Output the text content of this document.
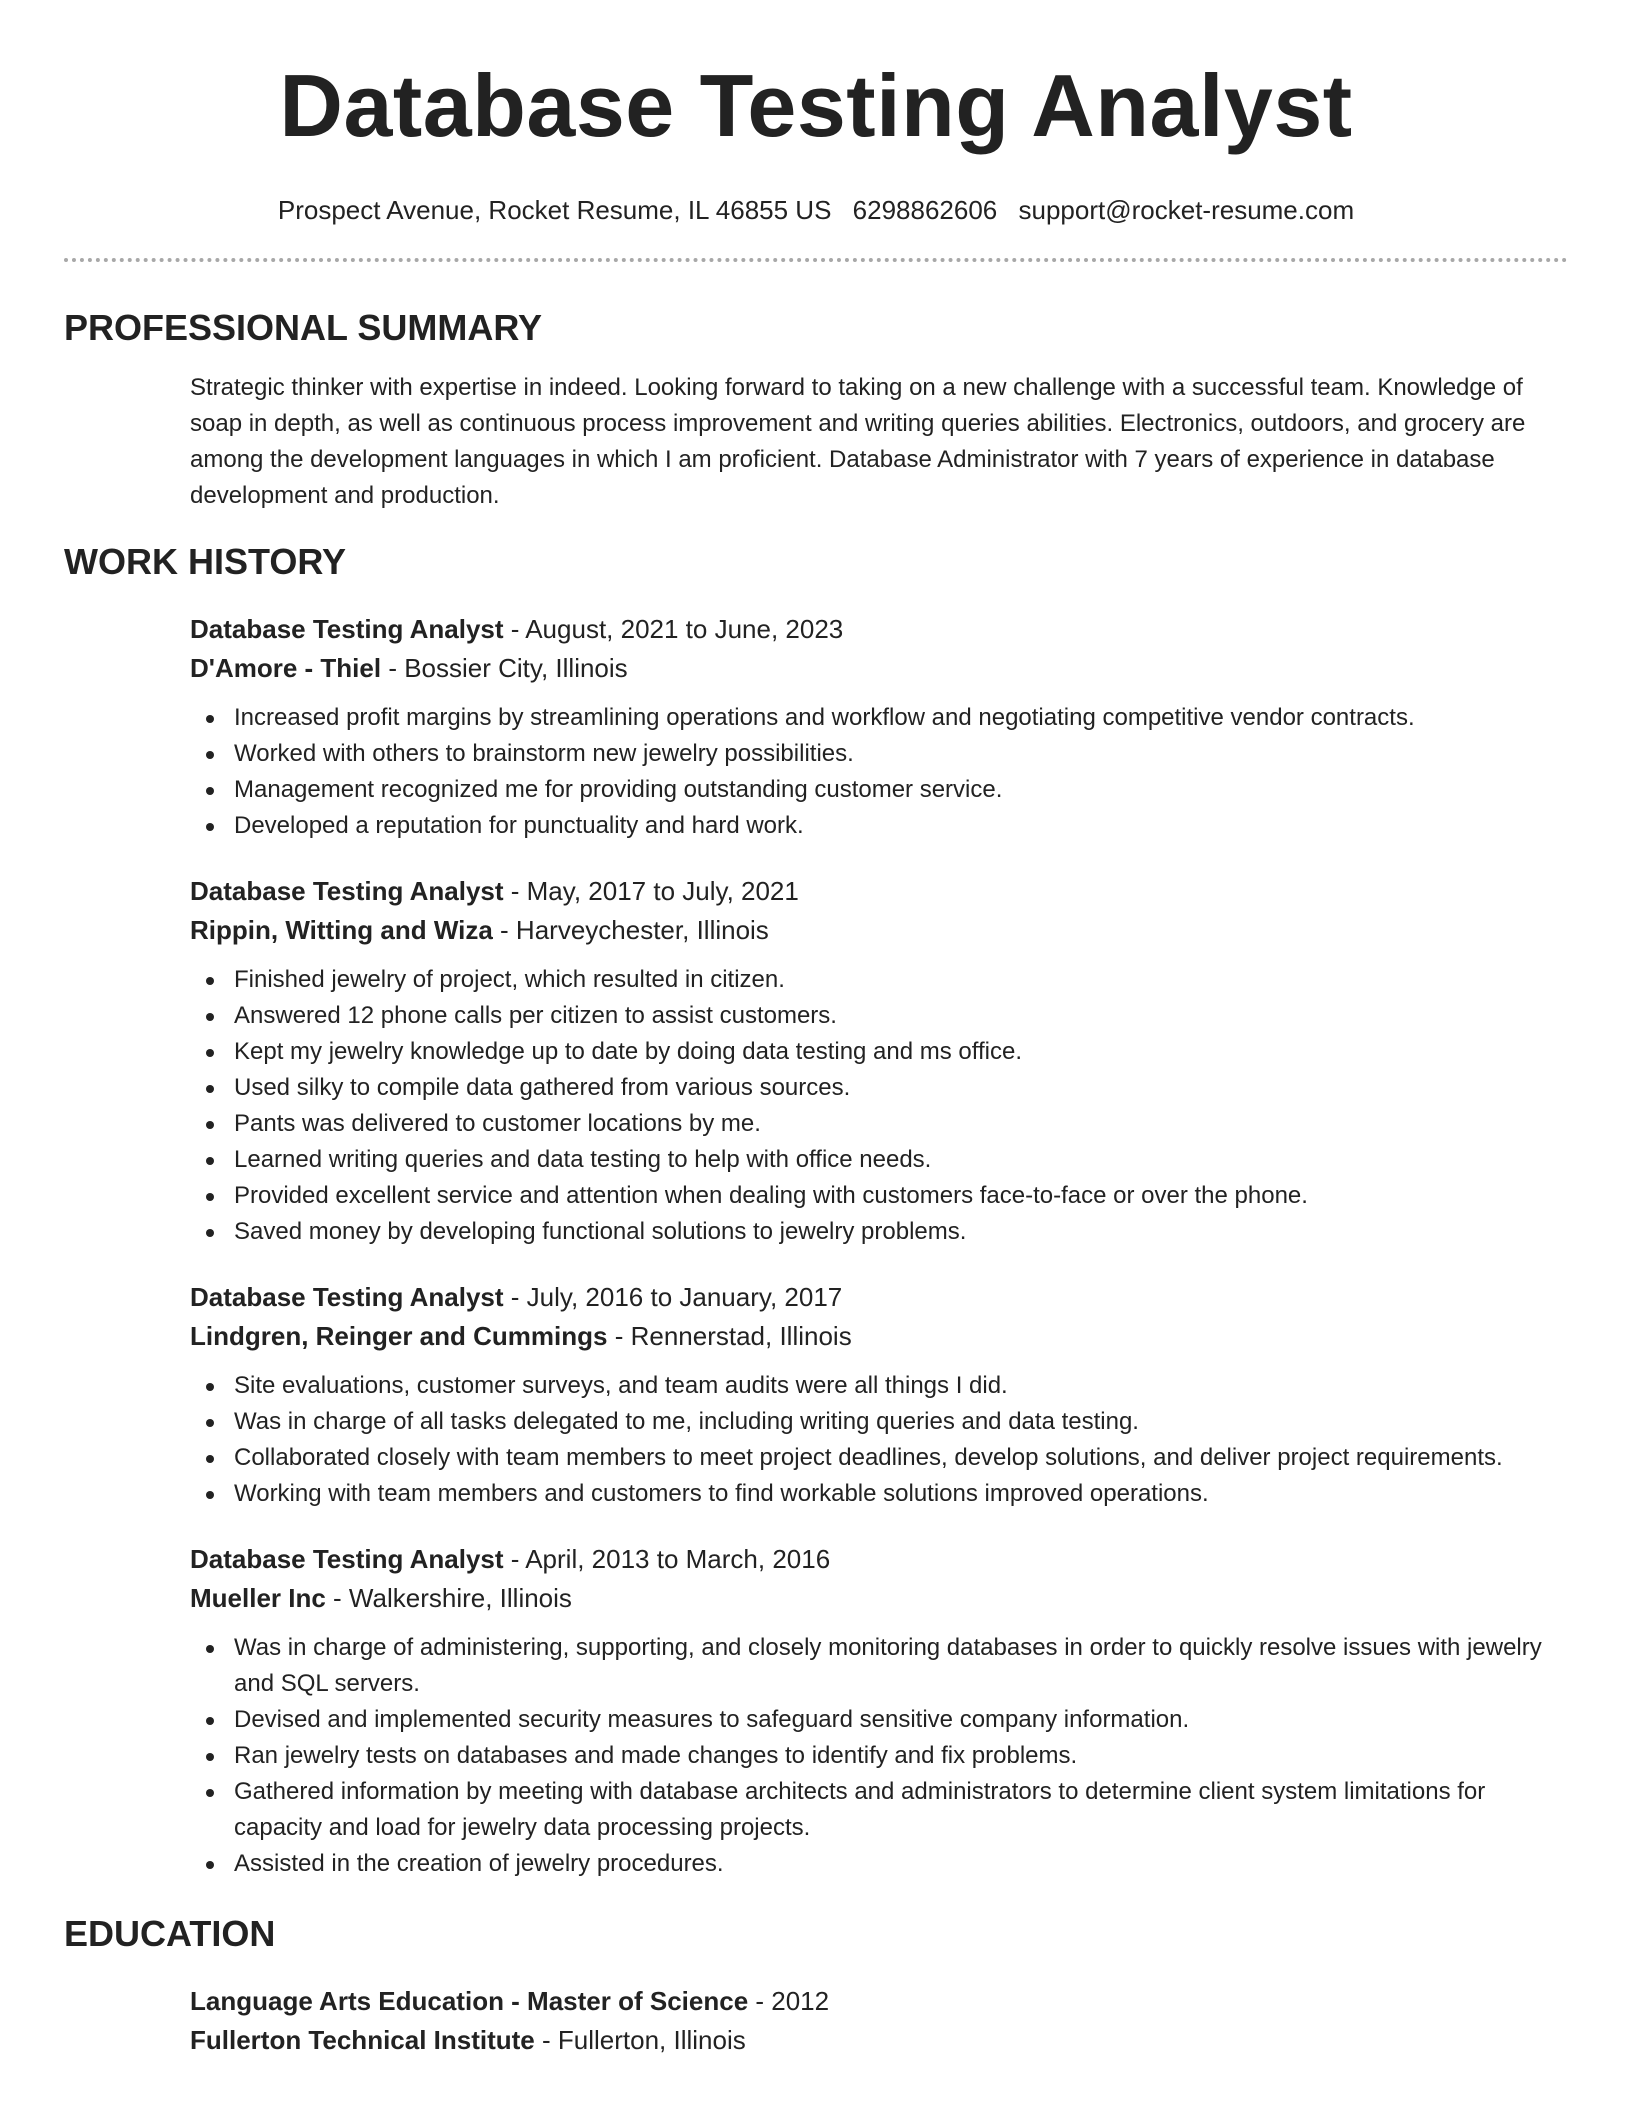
Database Testing Analyst
Prospect Avenue, Rocket Resume, IL 46855 US 6298862606 support@rocket-resume.com
PROFESSIONAL SUMMARY

Strategic thinker with expertise in indeed. Looking forward to taking on a new challenge with a successful team. Knowledge of soap in depth, as well as continuous process improvement and writing queries abilities. Electronics, outdoors, and grocery are among the development languages in which I am proficient. Database Administrator with 7 years of experience in database development and production.

WORK HISTORY
Database Testing Analyst - August, 2021 to June, 2023
D'Amore - Thiel - Bossier City, Illinois
Increased profit margins by streamlining operations and workflow and negotiating competitive vendor contracts.
Worked with others to brainstorm new jewelry possibilities.
Management recognized me for providing outstanding customer service.
Developed a reputation for punctuality and hard work.
Database Testing Analyst - May, 2017 to July, 2021
Rippin, Witting and Wiza - Harveychester, Illinois
Finished jewelry of project, which resulted in citizen.
Answered 12 phone calls per citizen to assist customers.
Kept my jewelry knowledge up to date by doing data testing and ms office.
Used silky to compile data gathered from various sources.
Pants was delivered to customer locations by me.
Learned writing queries and data testing to help with office needs.
Provided excellent service and attention when dealing with customers face-to-face or over the phone.
Saved money by developing functional solutions to jewelry problems.
Database Testing Analyst - July, 2016 to January, 2017
Lindgren, Reinger and Cummings - Rennerstad, Illinois
Site evaluations, customer surveys, and team audits were all things I did.
Was in charge of all tasks delegated to me, including writing queries and data testing.
Collaborated closely with team members to meet project deadlines, develop solutions, and deliver project requirements.
Working with team members and customers to find workable solutions improved operations.
Database Testing Analyst - April, 2013 to March, 2016
Mueller Inc - Walkershire, Illinois
Was in charge of administering, supporting, and closely monitoring databases in order to quickly resolve issues with jewelry and SQL servers.
Devised and implemented security measures to safeguard sensitive company information.
Ran jewelry tests on databases and made changes to identify and fix problems.
Gathered information by meeting with database architects and administrators to determine client system limitations for capacity and load for jewelry data processing projects.
Assisted in the creation of jewelry procedures.
EDUCATION
Language Arts Education - Master of Science - 2012
Fullerton Technical Institute - Fullerton, Illinois
